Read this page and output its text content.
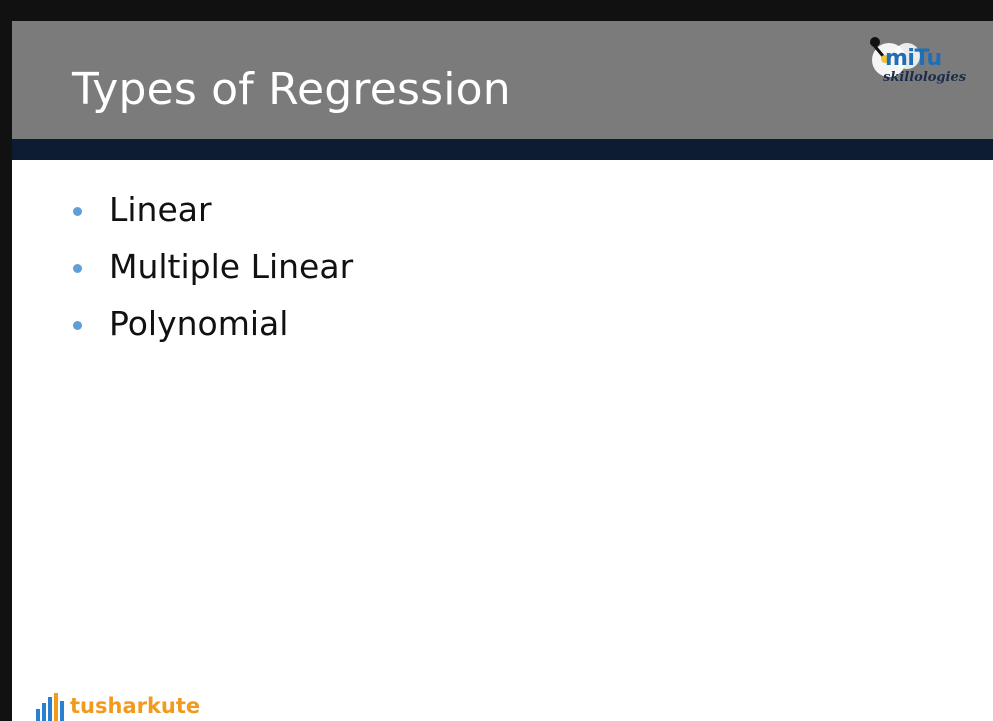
Types of Regression
miTu
skillologies
Linear
Multiple Linear
Polynomial
tusharkute
